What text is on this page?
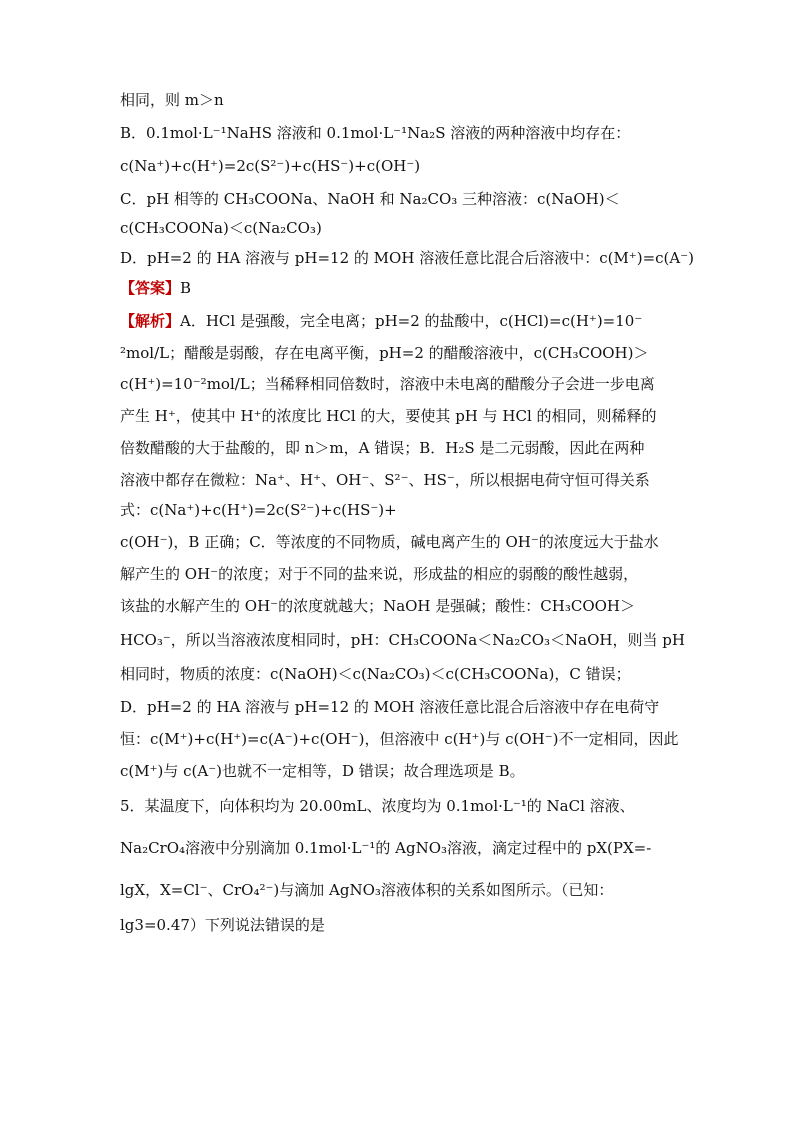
相同，则 m＞n
B．0.1mol·L⁻¹NaHS 溶液和 0.1mol·L⁻¹Na₂S 溶液的两种溶液中均存在：
c(Na⁺)+c(H⁺)=2c(S²⁻)+c(HS⁻)+c(OH⁻)
C．pH 相等的 CH₃COONa、NaOH 和 Na₂CO₃ 三种溶液：c(NaOH)＜
c(CH₃COONa)＜c(Na₂CO₃)
D．pH=2 的 HA 溶液与 pH=12 的 MOH 溶液任意比混合后溶液中：c(M⁺)=c(A⁻)
【答案】B
【解析】A．HCl 是强酸，完全电离；pH=2 的盐酸中，c(HCl)=c(H⁺)=10⁻
²mol/L；醋酸是弱酸，存在电离平衡，pH=2 的醋酸溶液中，c(CH₃COOH)＞
c(H⁺)=10⁻²mol/L；当稀释相同倍数时，溶液中未电离的醋酸分子会进一步电离
产生 H⁺，使其中 H⁺的浓度比 HCl 的大，要使其 pH 与 HCl 的相同，则稀释的
倍数醋酸的大于盐酸的，即 n＞m，A 错误；B．H₂S 是二元弱酸，因此在两种
溶液中都存在微粒：Na⁺、H⁺、OH⁻、S²⁻、HS⁻，所以根据电荷守恒可得关系
式：c(Na⁺)+c(H⁺)=2c(S²⁻)+c(HS⁻)+
c(OH⁻)，B 正确；C．等浓度的不同物质，碱电离产生的 OH⁻的浓度远大于盐水
解产生的 OH⁻的浓度；对于不同的盐来说，形成盐的相应的弱酸的酸性越弱，
该盐的水解产生的 OH⁻的浓度就越大；NaOH 是强碱；酸性：CH₃COOH＞
HCO₃⁻，所以当溶液浓度相同时，pH：CH₃COONa＜Na₂CO₃＜NaOH，则当 pH
相同时，物质的浓度：c(NaOH)＜c(Na₂CO₃)＜c(CH₃COONa)，C 错误；
D．pH=2 的 HA 溶液与 pH=12 的 MOH 溶液任意比混合后溶液中存在电荷守
恒：c(M⁺)+c(H⁺)=c(A⁻)+c(OH⁻)，但溶液中 c(H⁺)与 c(OH⁻)不一定相同，因此
c(M⁺)与 c(A⁻)也就不一定相等，D 错误；故合理选项是 B。
5．某温度下，向体积均为 20.00mL、浓度均为 0.1mol·L⁻¹的 NaCl 溶液、
Na₂CrO₄溶液中分别滴加 0.1mol·L⁻¹的 AgNO₃溶液，滴定过程中的 pX(PX=-
lgX，X=Cl⁻、CrO₄²⁻)与滴加 AgNO₃溶液体积的关系如图所示。（已知：
lg3=0.47）下列说法错误的是
